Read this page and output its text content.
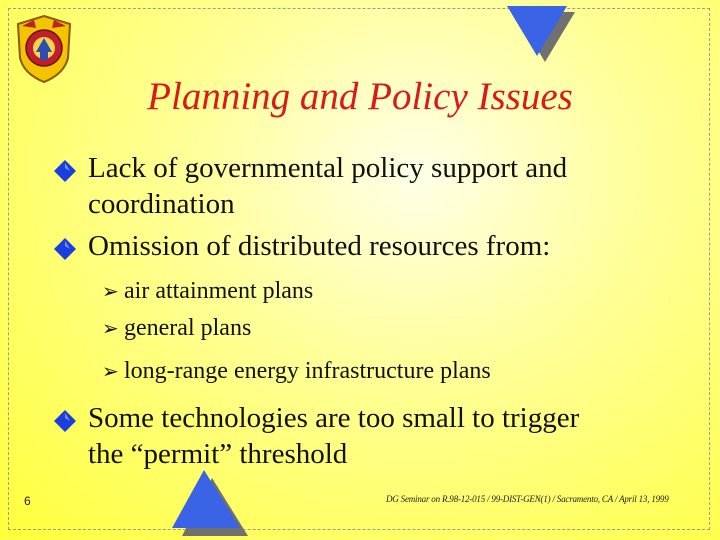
Planning and Policy Issues
Lack of governmental policy support and
coordination
Omission of distributed resources from:
➢ air attainment plans
➢ general plans
➢ long-range energy infrastructure plans
Some technologies are too small to trigger
the “permit” threshold
6	DG Seminar on R.98-12-015 / 99-DIST-GEN(1) / Sacramento, CA / April 13, 1999
